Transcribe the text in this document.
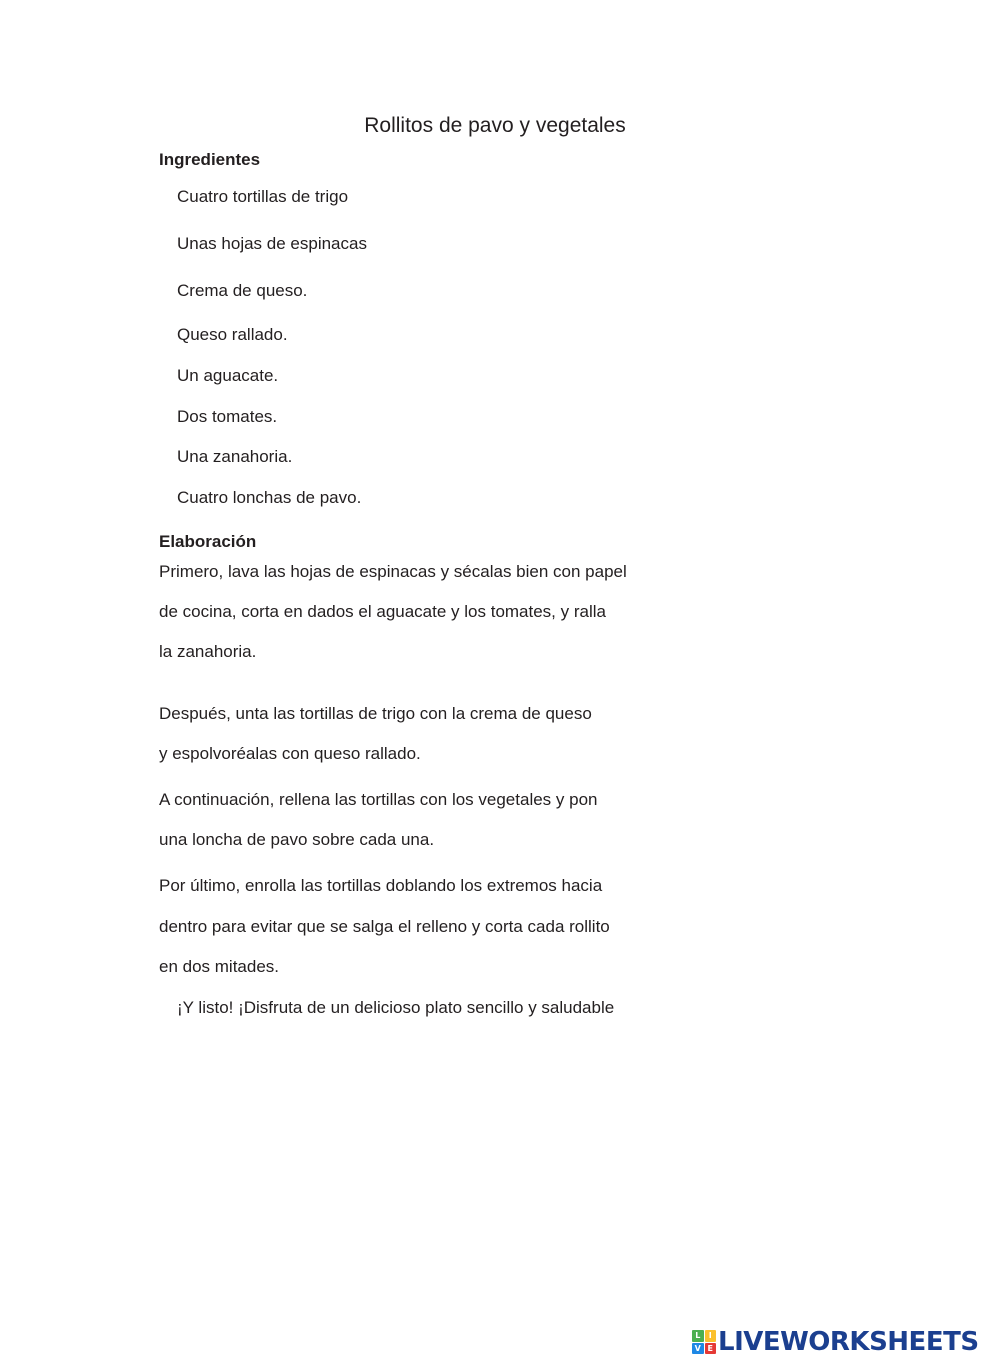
Rollitos de pavo y vegetales
Ingredientes
Cuatro tortillas de trigo
Unas hojas de espinacas
Crema de queso.
Queso rallado.
Un aguacate.
Dos tomates.
Una zanahoria.
Cuatro lonchas de pavo.
Elaboración
Primero, lava las hojas de espinacas y sécalas bien con papel
de cocina, corta en dados el aguacate y los tomates, y ralla
la zanahoria.
Después, unta las tortillas de trigo con la crema de queso
y espolvoréalas con queso rallado.
A continuación, rellena las tortillas con los vegetales y pon
una loncha de pavo sobre cada una.
Por último, enrolla las tortillas doblando los extremos hacia
dentro para evitar que se salga el relleno y corta cada rollito
en dos mitades.
¡Y listo! ¡Disfruta de un delicioso plato sencillo y saludable
L	I
V E LIVEWORKSHEETS
